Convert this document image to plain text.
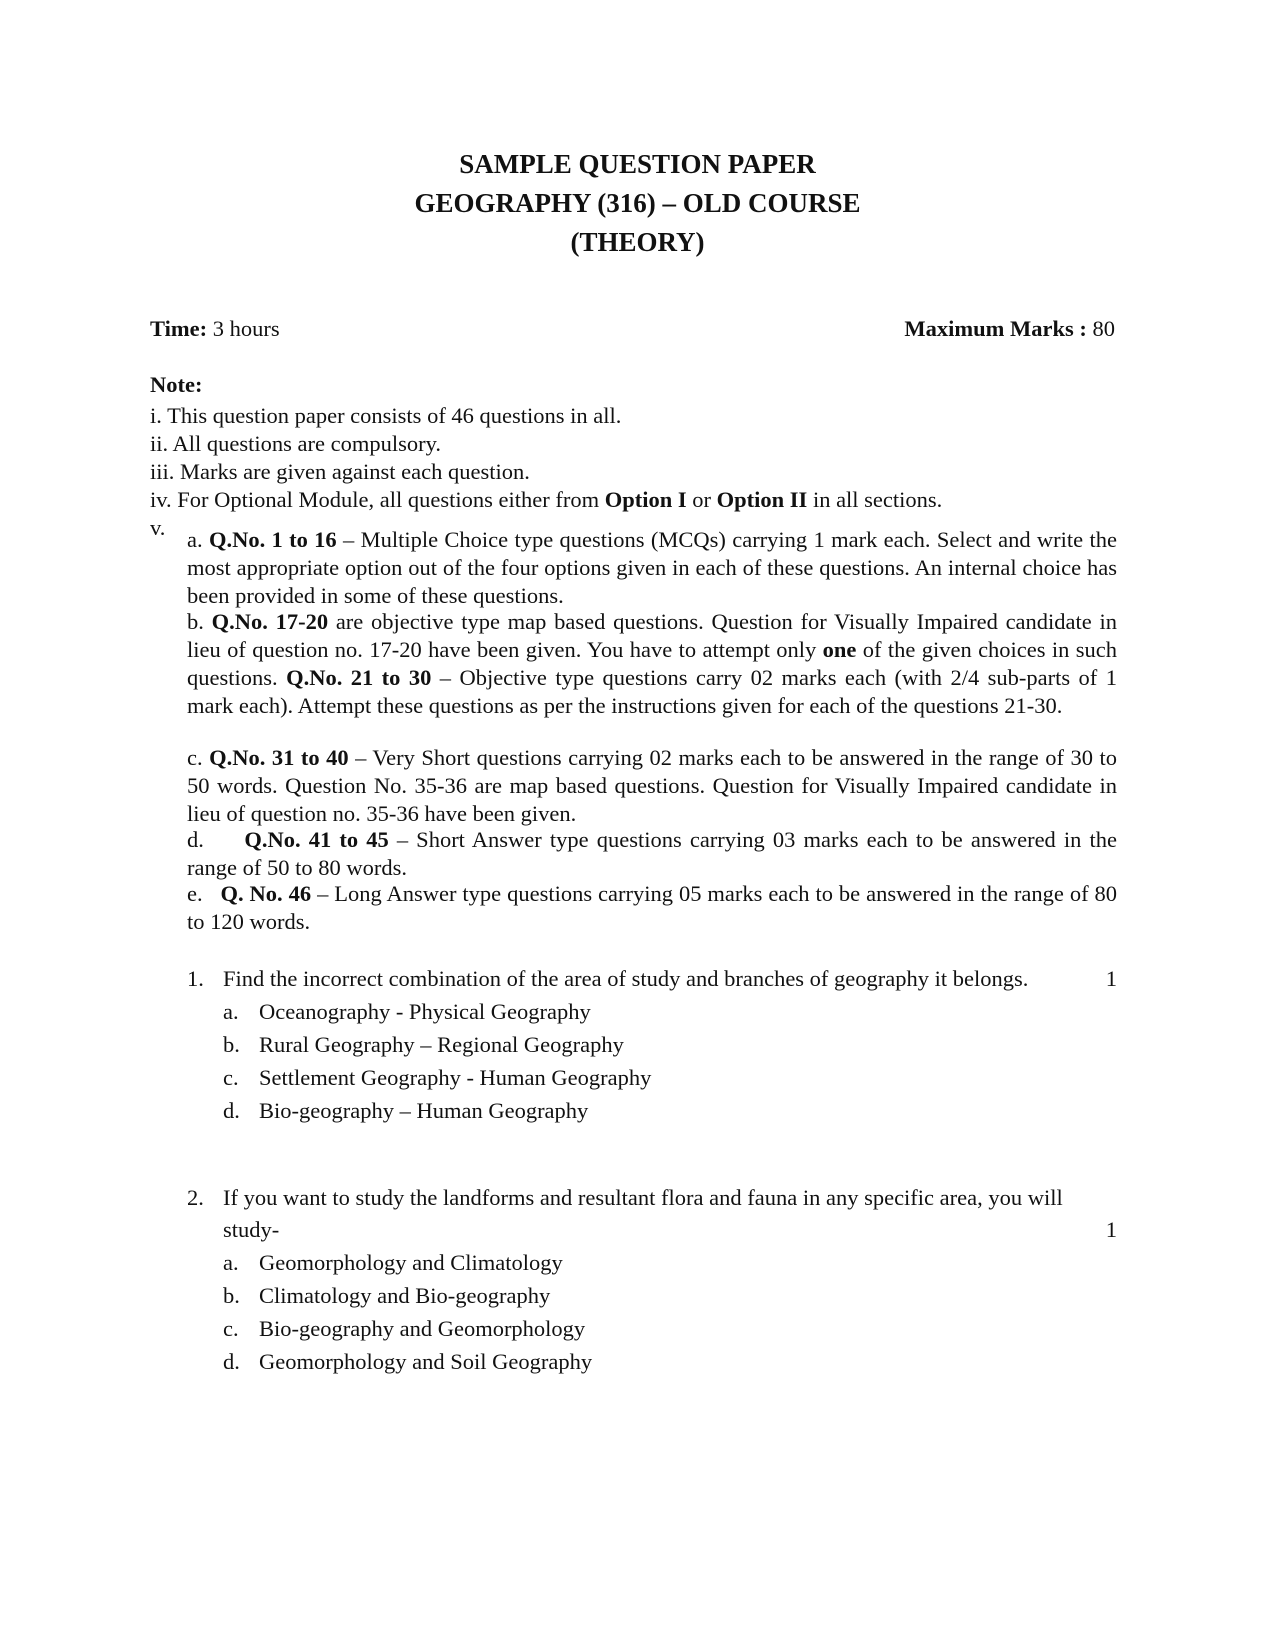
SAMPLE QUESTION PAPER
GEOGRAPHY (316) – OLD COURSE
(THEORY)
Time: 3 hours	Maximum Marks : 80
Note:
i. This question paper consists of 46 questions in all.
ii. All questions are compulsory.
iii. Marks are given against each question.
iv. For Optional Module, all questions either from Option I or Option II in all sections.
v. a. Q.No. 1 to 16 – Multiple Choice type questions (MCQs) carrying 1 mark each. Select and write the most appropriate option out of the four options given in each of these questions. An internal choice has been provided in some of these questions.

b. Q.No. 17-20 are objective type map based questions. Question for Visually Impaired candidate in lieu of question no. 17-20 have been given. You have to attempt only one of the given choices in such questions. Q.No. 21 to 30 – Objective type questions carry 02 marks each (with 2/4 sub-parts of 1 mark each). Attempt these questions as per the instructions given for each of the questions 21-30.

c. Q.No. 31 to 40 – Very Short questions carrying 02 marks each to be answered in the range of 30 to 50 words. Question No. 35-36 are map based questions. Question for Visually Impaired candidate in lieu of question no. 35-36 have been given.

d.     Q.No. 41 to 45 – Short Answer type questions carrying 03 marks each to be answered in the range of 50 to 80 words.

e.   Q. No. 46 – Long Answer type questions carrying 05 marks each to be answered in the range of 80 to 120 words.

1. Find the incorrect combination of the area of study and branches of geography it belongs.	1
a. Oceanography - Physical Geography
b. Rural Geography – Regional Geography
c. Settlement Geography - Human Geography
d. Bio-geography – Human Geography
2. If you want to study the landforms and resultant flora and fauna in any specific area, you will study-	1
a. Geomorphology and Climatology
b. Climatology and Bio-geography
c. Bio-geography and Geomorphology
d. Geomorphology and Soil Geography
